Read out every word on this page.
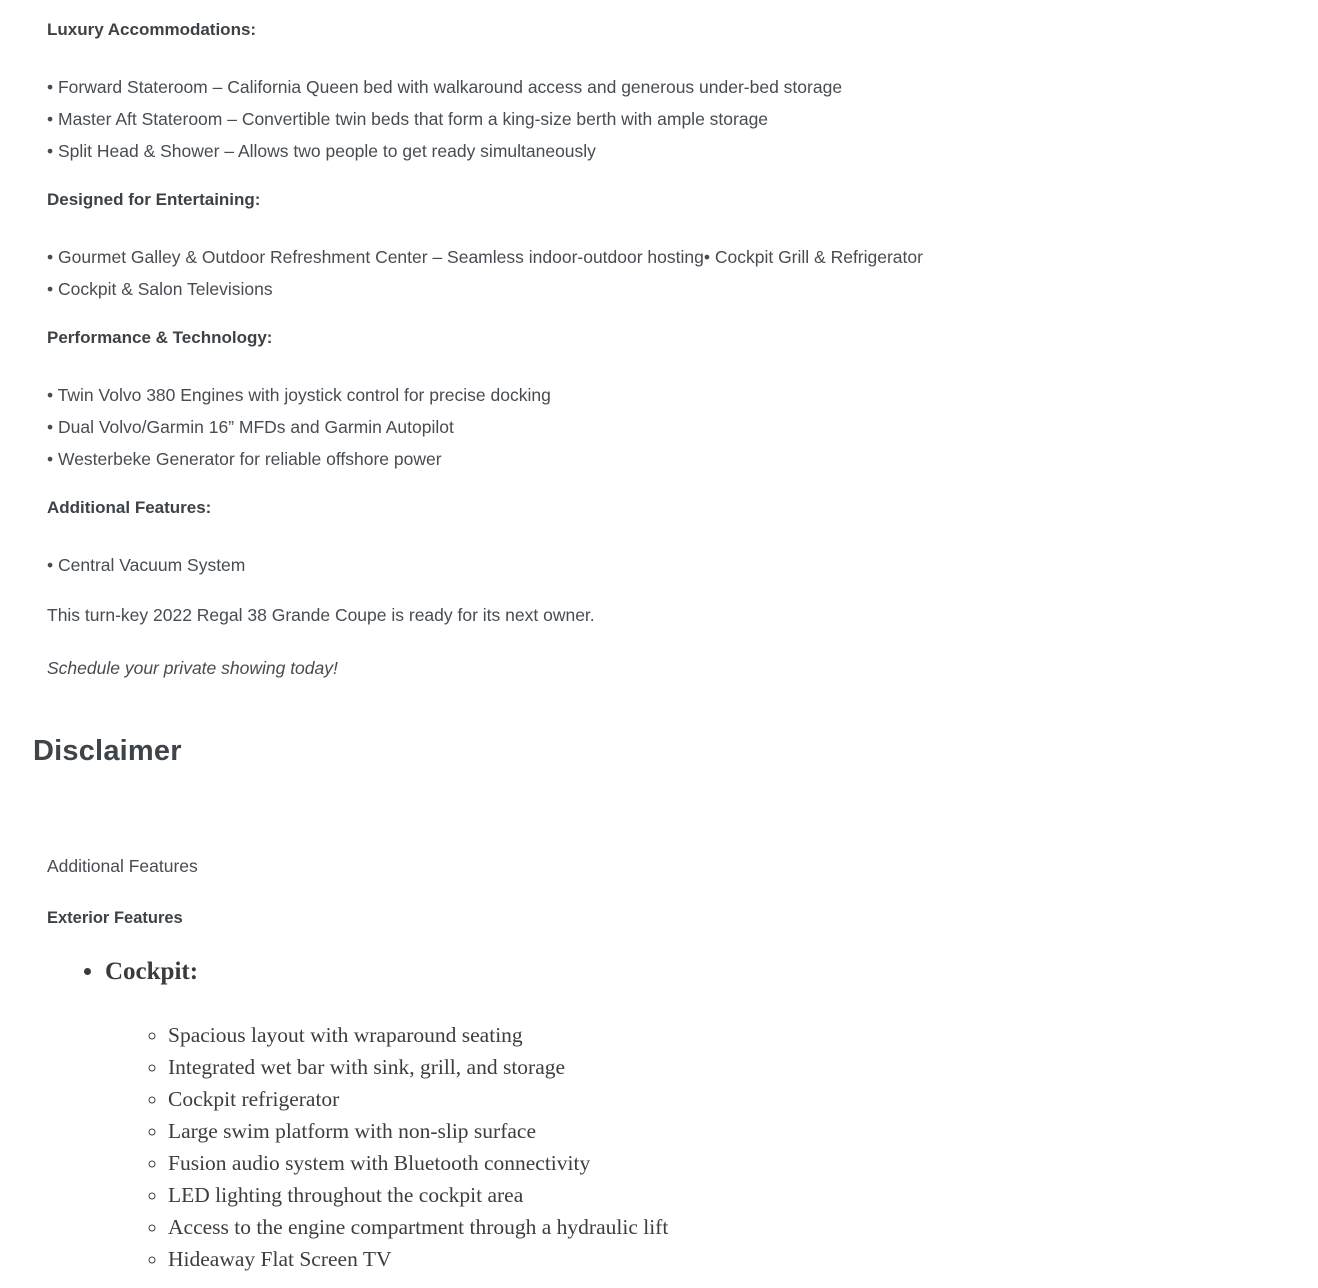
Luxury Accommodations:
• Forward Stateroom – California Queen bed with walkaround access and generous under-bed storage
• Master Aft Stateroom – Convertible twin beds that form a king-size berth with ample storage
• Split Head & Shower – Allows two people to get ready simultaneously
Designed for Entertaining:
• Gourmet Galley & Outdoor Refreshment Center – Seamless indoor-outdoor hosting• Cockpit Grill & Refrigerator
• Cockpit & Salon Televisions
Performance & Technology:
• Twin Volvo 380 Engines with joystick control for precise docking
• Dual Volvo/Garmin 16” MFDs and Garmin Autopilot
• Westerbeke Generator for reliable offshore power
Additional Features:
• Central Vacuum System

This turn-key 2022 Regal 38 Grande Coupe is ready for its next owner.

Schedule your private showing today!

Disclaimer

Additional Features

Exterior Features
• Cockpit:
◦ Spacious layout with wraparound seating
◦ Integrated wet bar with sink, grill, and storage
◦ Cockpit refrigerator
◦ Large swim platform with non-slip surface
◦ Fusion audio system with Bluetooth connectivity
◦ LED lighting throughout the cockpit area
◦ Access to the engine compartment through a hydraulic lift
◦ Hideaway Flat Screen TV
